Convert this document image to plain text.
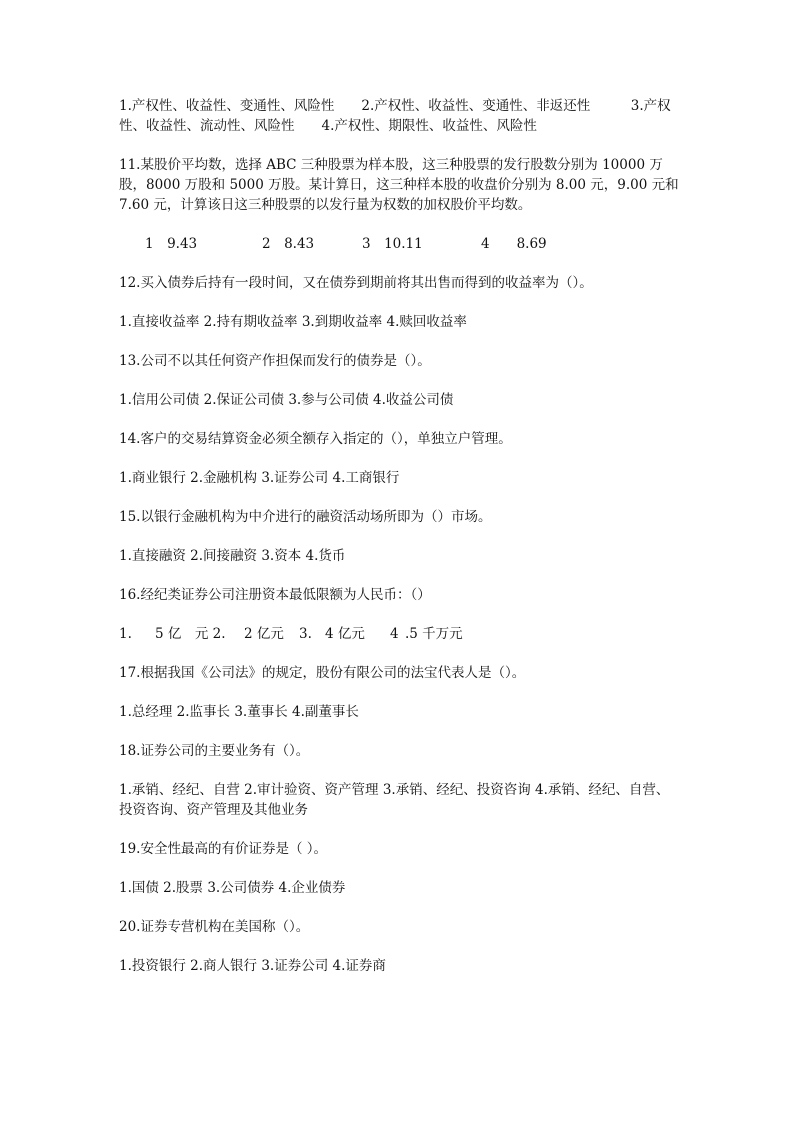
1.产权性、收益性、变通性、风险性　　2.产权性、收益性、变通性、非返还性　　　3.产权性、收益性、流动性、风险性　　4.产权性、期限性、收益性、风险性

11.某股价平均数，选择 ABC 三种股票为样本股，这三种股票的发行股数分别为 10000 万股，8000 万股和 5000 万股。某计算日，这三种样本股的收盘价分别为 8.00 元，9.00 元和 7.60 元，计算该日这三种股票的以发行量为权数的加权股价平均数。

1　9.43

	2　8.43

	3　10.11

	4　　8.69

12.买入债券后持有一段时间，又在债券到期前将其出售而得到的收益率为（）。

1.直接收益率 2.持有期收益率 3.到期收益率 4.赎回收益率

13.公司不以其任何资产作担保而发行的债券是（）。

1.信用公司债 2.保证公司债 3.参与公司债 4.收益公司债

14.客户的交易结算资金必须全额存入指定的（），单独立户管理。

1.商业银行 2.金融机构 3.证券公司 4.工商银行

15.以银行金融机构为中介进行的融资活动场所即为（）市场。

1.直接融资 2.间接融资 3.资本 4.货币

16.经纪类证券公司注册资本最低限额为人民币：（）

1.

5 亿　元 2.

2 亿元

3.

4 亿元

4

.5 千万元

17.根据我国《公司法》的规定，股份有限公司的法宝代表人是（）。

1.总经理 2.监事长 3.董事长 4.副董事长

18.证券公司的主要业务有（）。

1.承销、经纪、自营 2.审计验资、资产管理 3.承销、经纪、投资咨询 4.承销、经纪、自营、投资咨询、资产管理及其他业务

19.安全性最高的有价证券是（ ）。

1.国债 2.股票 3.公司债券 4.企业债券

20.证券专营机构在美国称（）。

1.投资银行 2.商人银行 3.证券公司 4.证券商
